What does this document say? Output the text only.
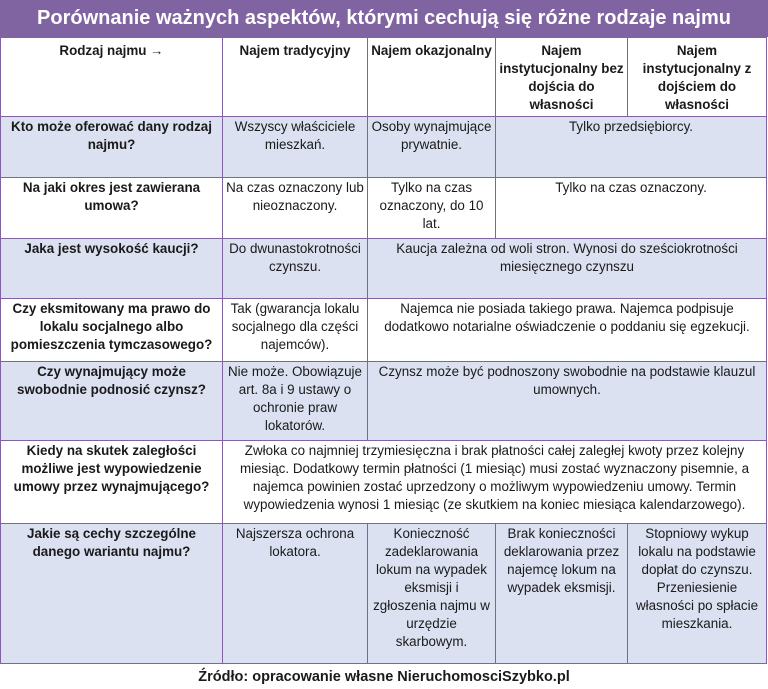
Porównanie ważnych aspektów, którymi cechują się różne rodzaje najmu
Rodzaj najmu →	Najem tradycyjny	Najem okazjonalny	Najem instytucjonalny bez dojścia do własności	Najem instytucjonalny z dojściem do własności
Kto może oferować dany rodzaj najmu?	Wszyscy właściciele mieszkań.	Osoby wynajmujące prywatnie.	Tylko przedsiębiorcy.	
Na jaki okres jest zawierana umowa?	Na czas oznaczony lub nieoznaczony.	Tylko na czas oznaczony, do 10 lat.	Tylko na czas oznaczony.	
Jaka jest wysokość kaucji?	Do dwunastokrotności czynszu.	Kaucja zależna od woli stron. Wynosi do sześciokrotności miesięcznego czynszu		
Czy eksmitowany ma prawo do lokalu socjalnego albo pomieszczenia tymczasowego?	Tak (gwarancja lokalu socjalnego dla części najemców).	Najemca nie posiada takiego prawa. Najemca podpisuje dodatkowo notarialne oświadczenie o poddaniu się egzekucji.		
Czy wynajmujący może swobodnie podnosić czynsz?	Nie może. Obowiązuje art. 8a i 9 ustawy o ochronie praw lokatorów.	Czynsz może być podnoszony swobodnie na podstawie klauzul umownych.		
Kiedy na skutek zaległości możliwe jest wypowiedzenie umowy przez wynajmującego?	Zwłoka co najmniej trzymiesięczna i brak płatności całej zaległej kwoty przez kolejny miesiąc. Dodatkowy termin płatności (1 miesiąc) musi zostać wyznaczony pisemnie, a najemca powinien zostać uprzedzony o możliwym wypowiedzeniu umowy. Termin wypowiedzenia wynosi 1 miesiąc (ze skutkiem na koniec miesiąca kalendarzowego).			
Jakie są cechy szczególne danego wariantu najmu?	Najszersza ochrona lokatora.	Konieczność zadeklarowania lokum na wypadek eksmisji i zgłoszenia najmu w urzędzie skarbowym.	Brak konieczności deklarowania przez najemcę lokum na wypadek eksmisji.	Stopniowy wykup lokalu na podstawie dopłat do czynszu. Przeniesienie własności po spłacie mieszkania.
Źródło: opracowanie własne NieruchomosciSzybko.pl
